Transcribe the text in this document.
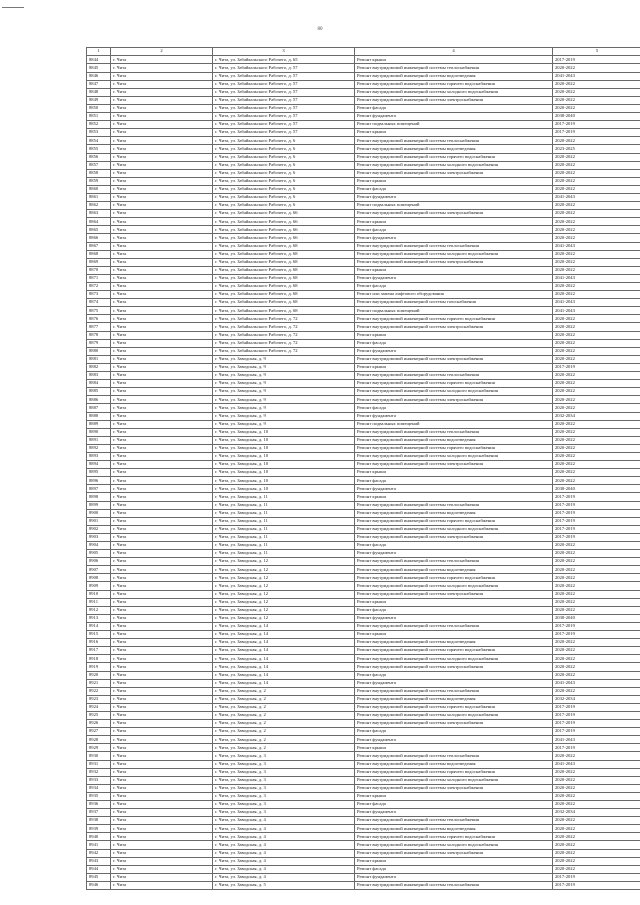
80
1	2	3	4	5
8844	г. Чита	г. Чита, ул. Забайкальского Рабочего, д. 65	Ремонт крыши	2017-2019
8845	г. Чита	г. Чита, ул. Забайкальского Рабочего, д. 57	Ремонт внутридомовой инженерной системы теплоснабжения	2020-2022
8846	г. Чита	г. Чита, ул. Забайкальского Рабочего, д. 57	Ремонт внутридомовой инженерной системы водоотведения	2041-2043
8847	г. Чита	г. Чита, ул. Забайкальского Рабочего, д. 57	Ремонт внутридомовой инженерной системы горячего водоснабжения	2020-2022
8848	г. Чита	г. Чита, ул. Забайкальского Рабочего, д. 57	Ремонт внутридомовой инженерной системы холодного водоснабжения	2020-2022
8849	г. Чита	г. Чита, ул. Забайкальского Рабочего, д. 57	Ремонт внутридомовой инженерной системы электроснабжения	2020-2022
8850	г. Чита	г. Чита, ул. Забайкальского Рабочего, д. 57	Ремонт фасада	2020-2022
8851	г. Чита	г. Чита, ул. Забайкальского Рабочего, д. 57	Ремонт фундамента	2038-2040
8852	г. Чита	г. Чита, ул. Забайкальского Рабочего, д. 57	Ремонт подвальных помещений	2017-2019
8853	г. Чита	г. Чита, ул. Забайкальского Рабочего, д. 57	Ремонт крыши	2017-2019
8854	г. Чита	г. Чита, ул. Забайкальского Рабочего, д. 6	Ремонт внутридомовой инженерной системы теплоснабжения	2020-2022
8855	г. Чита	г. Чита, ул. Забайкальского Рабочего, д. 6	Ремонт внутридомовой инженерной системы водоотведения	2023-2025
8856	г. Чита	г. Чита, ул. Забайкальского Рабочего, д. 6	Ремонт внутридомовой инженерной системы горячего водоснабжения	2020-2022
8857	г. Чита	г. Чита, ул. Забайкальского Рабочего, д. 6	Ремонт внутридомовой инженерной системы холодного водоснабжения	2020-2022
8858	г. Чита	г. Чита, ул. Забайкальского Рабочего, д. 6	Ремонт внутридомовой инженерной системы электроснабжения	2020-2022
8859	г. Чита	г. Чита, ул. Забайкальского Рабочего, д. 6	Ремонт крыши	2020-2022
8860	г. Чита	г. Чита, ул. Забайкальского Рабочего, д. 6	Ремонт фасада	2020-2022
8861	г. Чита	г. Чита, ул. Забайкальского Рабочего, д. 6	Ремонт фундамента	2041-2043
8862	г. Чита	г. Чита, ул. Забайкальского Рабочего, д. 6	Ремонт подвальных помещений	2020-2022
8863	г. Чита	г. Чита, ул. Забайкальского Рабочего, д. 66	Ремонт внутридомовой инженерной системы электроснабжения	2020-2022
8864	г. Чита	г. Чита, ул. Забайкальского Рабочего, д. 66	Ремонт крыши	2020-2022
8865	г. Чита	г. Чита, ул. Забайкальского Рабочего, д. 66	Ремонт фасада	2020-2022
8866	г. Чита	г. Чита, ул. Забайкальского Рабочего, д. 66	Ремонт фундамента	2020-2022
8867	г. Чита	г. Чита, ул. Забайкальского Рабочего, д. 68	Ремонт внутридомовой инженерной системы теплоснабжения	2041-2043
8868	г. Чита	г. Чита, ул. Забайкальского Рабочего, д. 68	Ремонт внутридомовой инженерной системы холодного водоснабжения	2020-2022
8869	г. Чита	г. Чита, ул. Забайкальского Рабочего, д. 68	Ремонт внутридомовой инженерной системы электроснабжения	2020-2022
8870	г. Чита	г. Чита, ул. Забайкальского Рабочего, д. 68	Ремонт крыши	2020-2022
8871	г. Чита	г. Чита, ул. Забайкальского Рабочего, д. 68	Ремонт фундамента	2041-2043
8872	г. Чита	г. Чита, ул. Забайкальского Рабочего, д. 68	Ремонт фасада	2020-2022
8873	г. Чита	г. Чита, ул. Забайкальского Рабочего, д. 68	Ремонт или замена лифтового оборудования	2020-2022
8874	г. Чита	г. Чита, ул. Забайкальского Рабочего, д. 68	Ремонт внутридомовой инженерной системы газоснабжения	2041-2043
8875	г. Чита	г. Чита, ул. Забайкальского Рабочего, д. 68	Ремонт подвальных помещений	2041-2043
8876	г. Чита	г. Чита, ул. Забайкальского Рабочего, д. 72	Ремонт внутридомовой инженерной системы горячего водоснабжения	2020-2022
8877	г. Чита	г. Чита, ул. Забайкальского Рабочего, д. 72	Ремонт внутридомовой инженерной системы электроснабжения	2020-2022
8878	г. Чита	г. Чита, ул. Забайкальского Рабочего, д. 72	Ремонт крыши	2020-2022
8879	г. Чита	г. Чита, ул. Забайкальского Рабочего, д. 72	Ремонт фасада	2020-2022
8880	г. Чита	г. Чита, ул. Забайкальского Рабочего, д. 72	Ремонт фундамента	2020-2022
8881	г. Чита	г. Чита, ул. Заводская, д. 9	Ремонт внутридомовой инженерной системы электроснабжения	2020-2022
8882	г. Чита	г. Чита, ул. Заводская, д. 9	Ремонт крыши	2017-2019
8883	г. Чита	г. Чита, ул. Заводская, д. 9	Ремонт внутридомовой инженерной системы теплоснабжения	2020-2022
8884	г. Чита	г. Чита, ул. Заводская, д. 9	Ремонт внутридомовой инженерной системы горячего водоснабжения	2020-2022
8885	г. Чита	г. Чита, ул. Заводская, д. 9	Ремонт внутридомовой инженерной системы холодного водоснабжения	2020-2022
8886	г. Чита	г. Чита, ул. Заводская, д. 9	Ремонт внутридомовой инженерной системы электроснабжения	2020-2022
8887	г. Чита	г. Чита, ул. Заводская, д. 9	Ремонт фасада	2020-2022
8888	г. Чита	г. Чита, ул. Заводская, д. 9	Ремонт фундамента	2032-2034
8889	г. Чита	г. Чита, ул. Заводская, д. 9	Ремонт подвальных помещений	2020-2022
8890	г. Чита	г. Чита, ул. Заводская, д. 10	Ремонт внутридомовой инженерной системы теплоснабжения	2020-2022
8891	г. Чита	г. Чита, ул. Заводская, д. 10	Ремонт внутридомовой инженерной системы водоотведения	2020-2022
8892	г. Чита	г. Чита, ул. Заводская, д. 10	Ремонт внутридомовой инженерной системы горячего водоснабжения	2020-2022
8893	г. Чита	г. Чита, ул. Заводская, д. 10	Ремонт внутридомовой инженерной системы холодного водоснабжения	2020-2022
8894	г. Чита	г. Чита, ул. Заводская, д. 10	Ремонт внутридомовой инженерной системы электроснабжения	2020-2022
8895	г. Чита	г. Чита, ул. Заводская, д. 10	Ремонт крыши	2020-2022
8896	г. Чита	г. Чита, ул. Заводская, д. 10	Ремонт фасада	2020-2022
8897	г. Чита	г. Чита, ул. Заводская, д. 10	Ремонт фундамента	2038-2040
8898	г. Чита	г. Чита, ул. Заводская, д. 11	Ремонт крыши	2017-2019
8899	г. Чита	г. Чита, ул. Заводская, д. 11	Ремонт внутридомовой инженерной системы теплоснабжения	2017-2019
8900	г. Чита	г. Чита, ул. Заводская, д. 11	Ремонт внутридомовой инженерной системы водоотведения	2017-2019
8901	г. Чита	г. Чита, ул. Заводская, д. 11	Ремонт внутридомовой инженерной системы горячего водоснабжения	2017-2019
8902	г. Чита	г. Чита, ул. Заводская, д. 11	Ремонт внутридомовой инженерной системы холодного водоснабжения	2017-2019
8903	г. Чита	г. Чита, ул. Заводская, д. 11	Ремонт внутридомовой инженерной системы электроснабжения	2017-2019
8904	г. Чита	г. Чита, ул. Заводская, д. 11	Ремонт фасада	2020-2022
8905	г. Чита	г. Чита, ул. Заводская, д. 11	Ремонт фундамента	2020-2022
8906	г. Чита	г. Чита, ул. Заводская, д. 12	Ремонт внутридомовой инженерной системы теплоснабжения	2020-2022
8907	г. Чита	г. Чита, ул. Заводская, д. 12	Ремонт внутридомовой инженерной системы водоотведения	2020-2022
8908	г. Чита	г. Чита, ул. Заводская, д. 12	Ремонт внутридомовой инженерной системы горячего водоснабжения	2020-2022
8909	г. Чита	г. Чита, ул. Заводская, д. 12	Ремонт внутридомовой инженерной системы холодного водоснабжения	2020-2022
8910	г. Чита	г. Чита, ул. Заводская, д. 12	Ремонт внутридомовой инженерной системы электроснабжения	2020-2022
8911	г. Чита	г. Чита, ул. Заводская, д. 12	Ремонт крыши	2020-2022
8912	г. Чита	г. Чита, ул. Заводская, д. 12	Ремонт фасада	2020-2022
8913	г. Чита	г. Чита, ул. Заводская, д. 12	Ремонт фундамента	2038-2040
8914	г. Чита	г. Чита, ул. Заводская, д. 14	Ремонт внутридомовой инженерной системы теплоснабжения	2017-2019
8915	г. Чита	г. Чита, ул. Заводская, д. 14	Ремонт крыши	2017-2019
8916	г. Чита	г. Чита, ул. Заводская, д. 14	Ремонт внутридомовой инженерной системы водоотведения	2020-2022
8917	г. Чита	г. Чита, ул. Заводская, д. 14	Ремонт внутридомовой инженерной системы горячего водоснабжения	2020-2022
8918	г. Чита	г. Чита, ул. Заводская, д. 14	Ремонт внутридомовой инженерной системы холодного водоснабжения	2020-2022
8919	г. Чита	г. Чита, ул. Заводская, д. 14	Ремонт внутридомовой инженерной системы электроснабжения	2020-2022
8920	г. Чита	г. Чита, ул. Заводская, д. 14	Ремонт фасада	2020-2022
8921	г. Чита	г. Чита, ул. Заводская, д. 14	Ремонт фундамента	2041-2043
8922	г. Чита	г. Чита, ул. Заводская, д. 2	Ремонт внутридомовой инженерной системы теплоснабжения	2020-2022
8923	г. Чита	г. Чита, ул. Заводская, д. 2	Ремонт внутридомовой инженерной системы водоотведения	2032-2034
8924	г. Чита	г. Чита, ул. Заводская, д. 2	Ремонт внутридомовой инженерной системы горячего водоснабжения	2017-2019
8925	г. Чита	г. Чита, ул. Заводская, д. 2	Ремонт внутридомовой инженерной системы холодного водоснабжения	2017-2019
8926	г. Чита	г. Чита, ул. Заводская, д. 2	Ремонт внутридомовой инженерной системы электроснабжения	2017-2019
8927	г. Чита	г. Чита, ул. Заводская, д. 2	Ремонт фасада	2017-2019
8928	г. Чита	г. Чита, ул. Заводская, д. 2	Ремонт фундамента	2041-2043
8929	г. Чита	г. Чита, ул. Заводская, д. 2	Ремонт крыши	2017-2019
8930	г. Чита	г. Чита, ул. Заводская, д. 3	Ремонт внутридомовой инженерной системы теплоснабжения	2020-2022
8931	г. Чита	г. Чита, ул. Заводская, д. 3	Ремонт внутридомовой инженерной системы водоотведения	2041-2043
8932	г. Чита	г. Чита, ул. Заводская, д. 3	Ремонт внутридомовой инженерной системы горячего водоснабжения	2020-2022
8933	г. Чита	г. Чита, ул. Заводская, д. 3	Ремонт внутридомовой инженерной системы холодного водоснабжения	2020-2022
8934	г. Чита	г. Чита, ул. Заводская, д. 3	Ремонт внутридомовой инженерной системы электроснабжения	2020-2022
8935	г. Чита	г. Чита, ул. Заводская, д. 3	Ремонт крыши	2020-2022
8936	г. Чита	г. Чита, ул. Заводская, д. 3	Ремонт фасада	2020-2022
8937	г. Чита	г. Чита, ул. Заводская, д. 3	Ремонт фундамента	2032-2034
8938	г. Чита	г. Чита, ул. Заводская, д. 4	Ремонт внутридомовой инженерной системы теплоснабжения	2020-2022
8939	г. Чита	г. Чита, ул. Заводская, д. 4	Ремонт внутридомовой инженерной системы водоотведения	2020-2022
8940	г. Чита	г. Чита, ул. Заводская, д. 4	Ремонт внутридомовой инженерной системы горячего водоснабжения	2020-2022
8941	г. Чита	г. Чита, ул. Заводская, д. 4	Ремонт внутридомовой инженерной системы холодного водоснабжения	2020-2022
8942	г. Чита	г. Чита, ул. Заводская, д. 4	Ремонт внутридомовой инженерной системы электроснабжения	2020-2022
8943	г. Чита	г. Чита, ул. Заводская, д. 4	Ремонт крыши	2020-2022
8944	г. Чита	г. Чита, ул. Заводская, д. 4	Ремонт фасада	2020-2022
8945	г. Чита	г. Чита, ул. Заводская, д. 4	Ремонт фундамента	2017-2019
8946	г. Чита	г. Чита, ул. Заводская, д. 5	Ремонт внутридомовой инженерной системы теплоснабжения	2017-2019
